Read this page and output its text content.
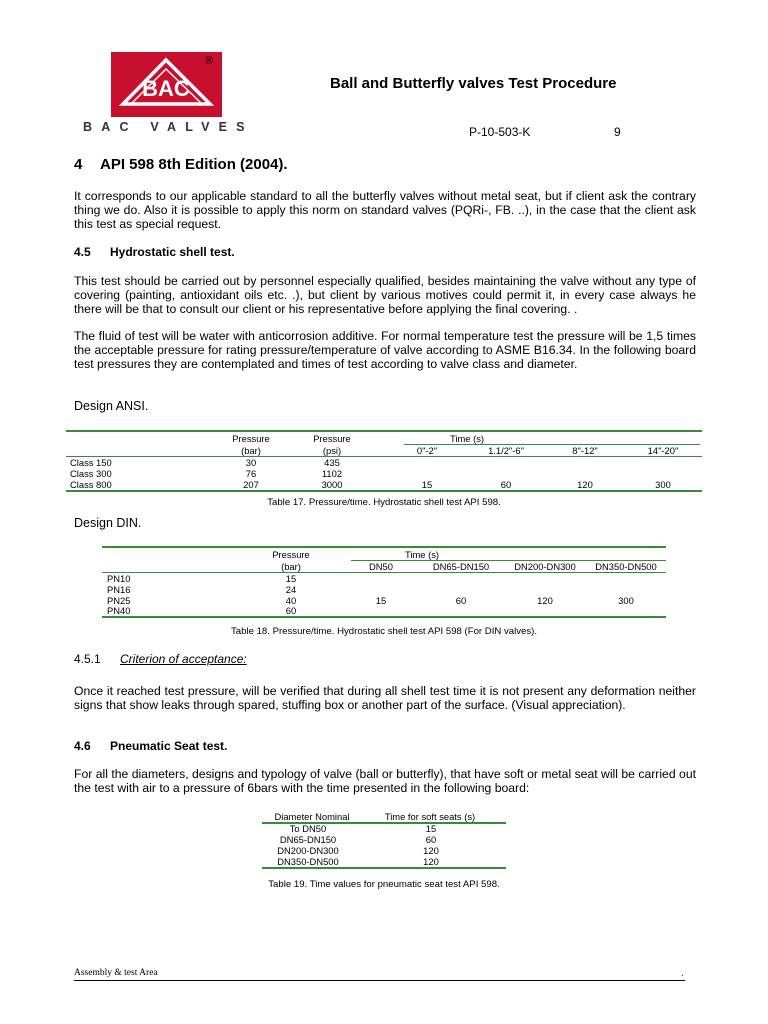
BAC
®
BAC VALVES
Ball and Butterfly valves Test Procedure
P-10-503-K	9
4 API 598 8th Edition (2004).

It corresponds to our applicable standard to all the butterfly valves without metal seat, but if client ask the contrary thing we do. Also it is possible to apply this norm on standard valves (PQRi-, FB. ..), in the case that the client ask this test as special request.

4.5 Hydrostatic shell test.

This test should be carried out by personnel especially qualified, besides maintaining the valve without any type of covering (painting, antioxidant oils etc. .), but client by various motives could permit it, in every case always he there will be that to consult our client or his representative before applying the final covering. .

The fluid of test will be water with anticorrosion additive. For normal temperature test the pressure will be 1,5 times the acceptable pressure for rating pressure/temperature of valve according to ASME B16.34. In the following board test pressures they are contemplated and times of test according to valve class and diameter.

Design ANSI.
Pressure	Pressure	Time (s)
(bar)	(psi)	0"-2"	1.1/2"-6"	8"-12"	14"-20"
Class 150	30	435
Class 300	76	1102
Class 800	207	3000	15	60	120	300
Table 17. Pressure/time. Hydrostatic shell test API 598.
Design DIN.
Pressure	Time (s)
(bar)	DN50	DN65-DN150	DN200-DN300	DN350-DN500
PN10	15
PN16	24
PN25	40	15	60	120	300
PN40	60
Table 18. Pressure/time. Hydrostatic shell test API 598 (For DIN valves).
4.5.1 Criterion of acceptance:

Once it reached test pressure, will be verified that during all shell test time it is not present any deformation neither signs that show leaks through spared, stuffing box or another part of the surface. (Visual appreciation).

4.6 Pneumatic Seat test.

For all the diameters, designs and typology of valve (ball or butterfly), that have soft or metal seat will be carried out the test with air to a pressure of 6bars with the time presented in the following board:

Diameter Nominal	Time for soft seats (s)
To DN50	15
DN65-DN150	60
DN200-DN300	120
DN350-DN500	120
Table 19. Time values for pneumatic seat test API 598.
Assembly & test Area	.
